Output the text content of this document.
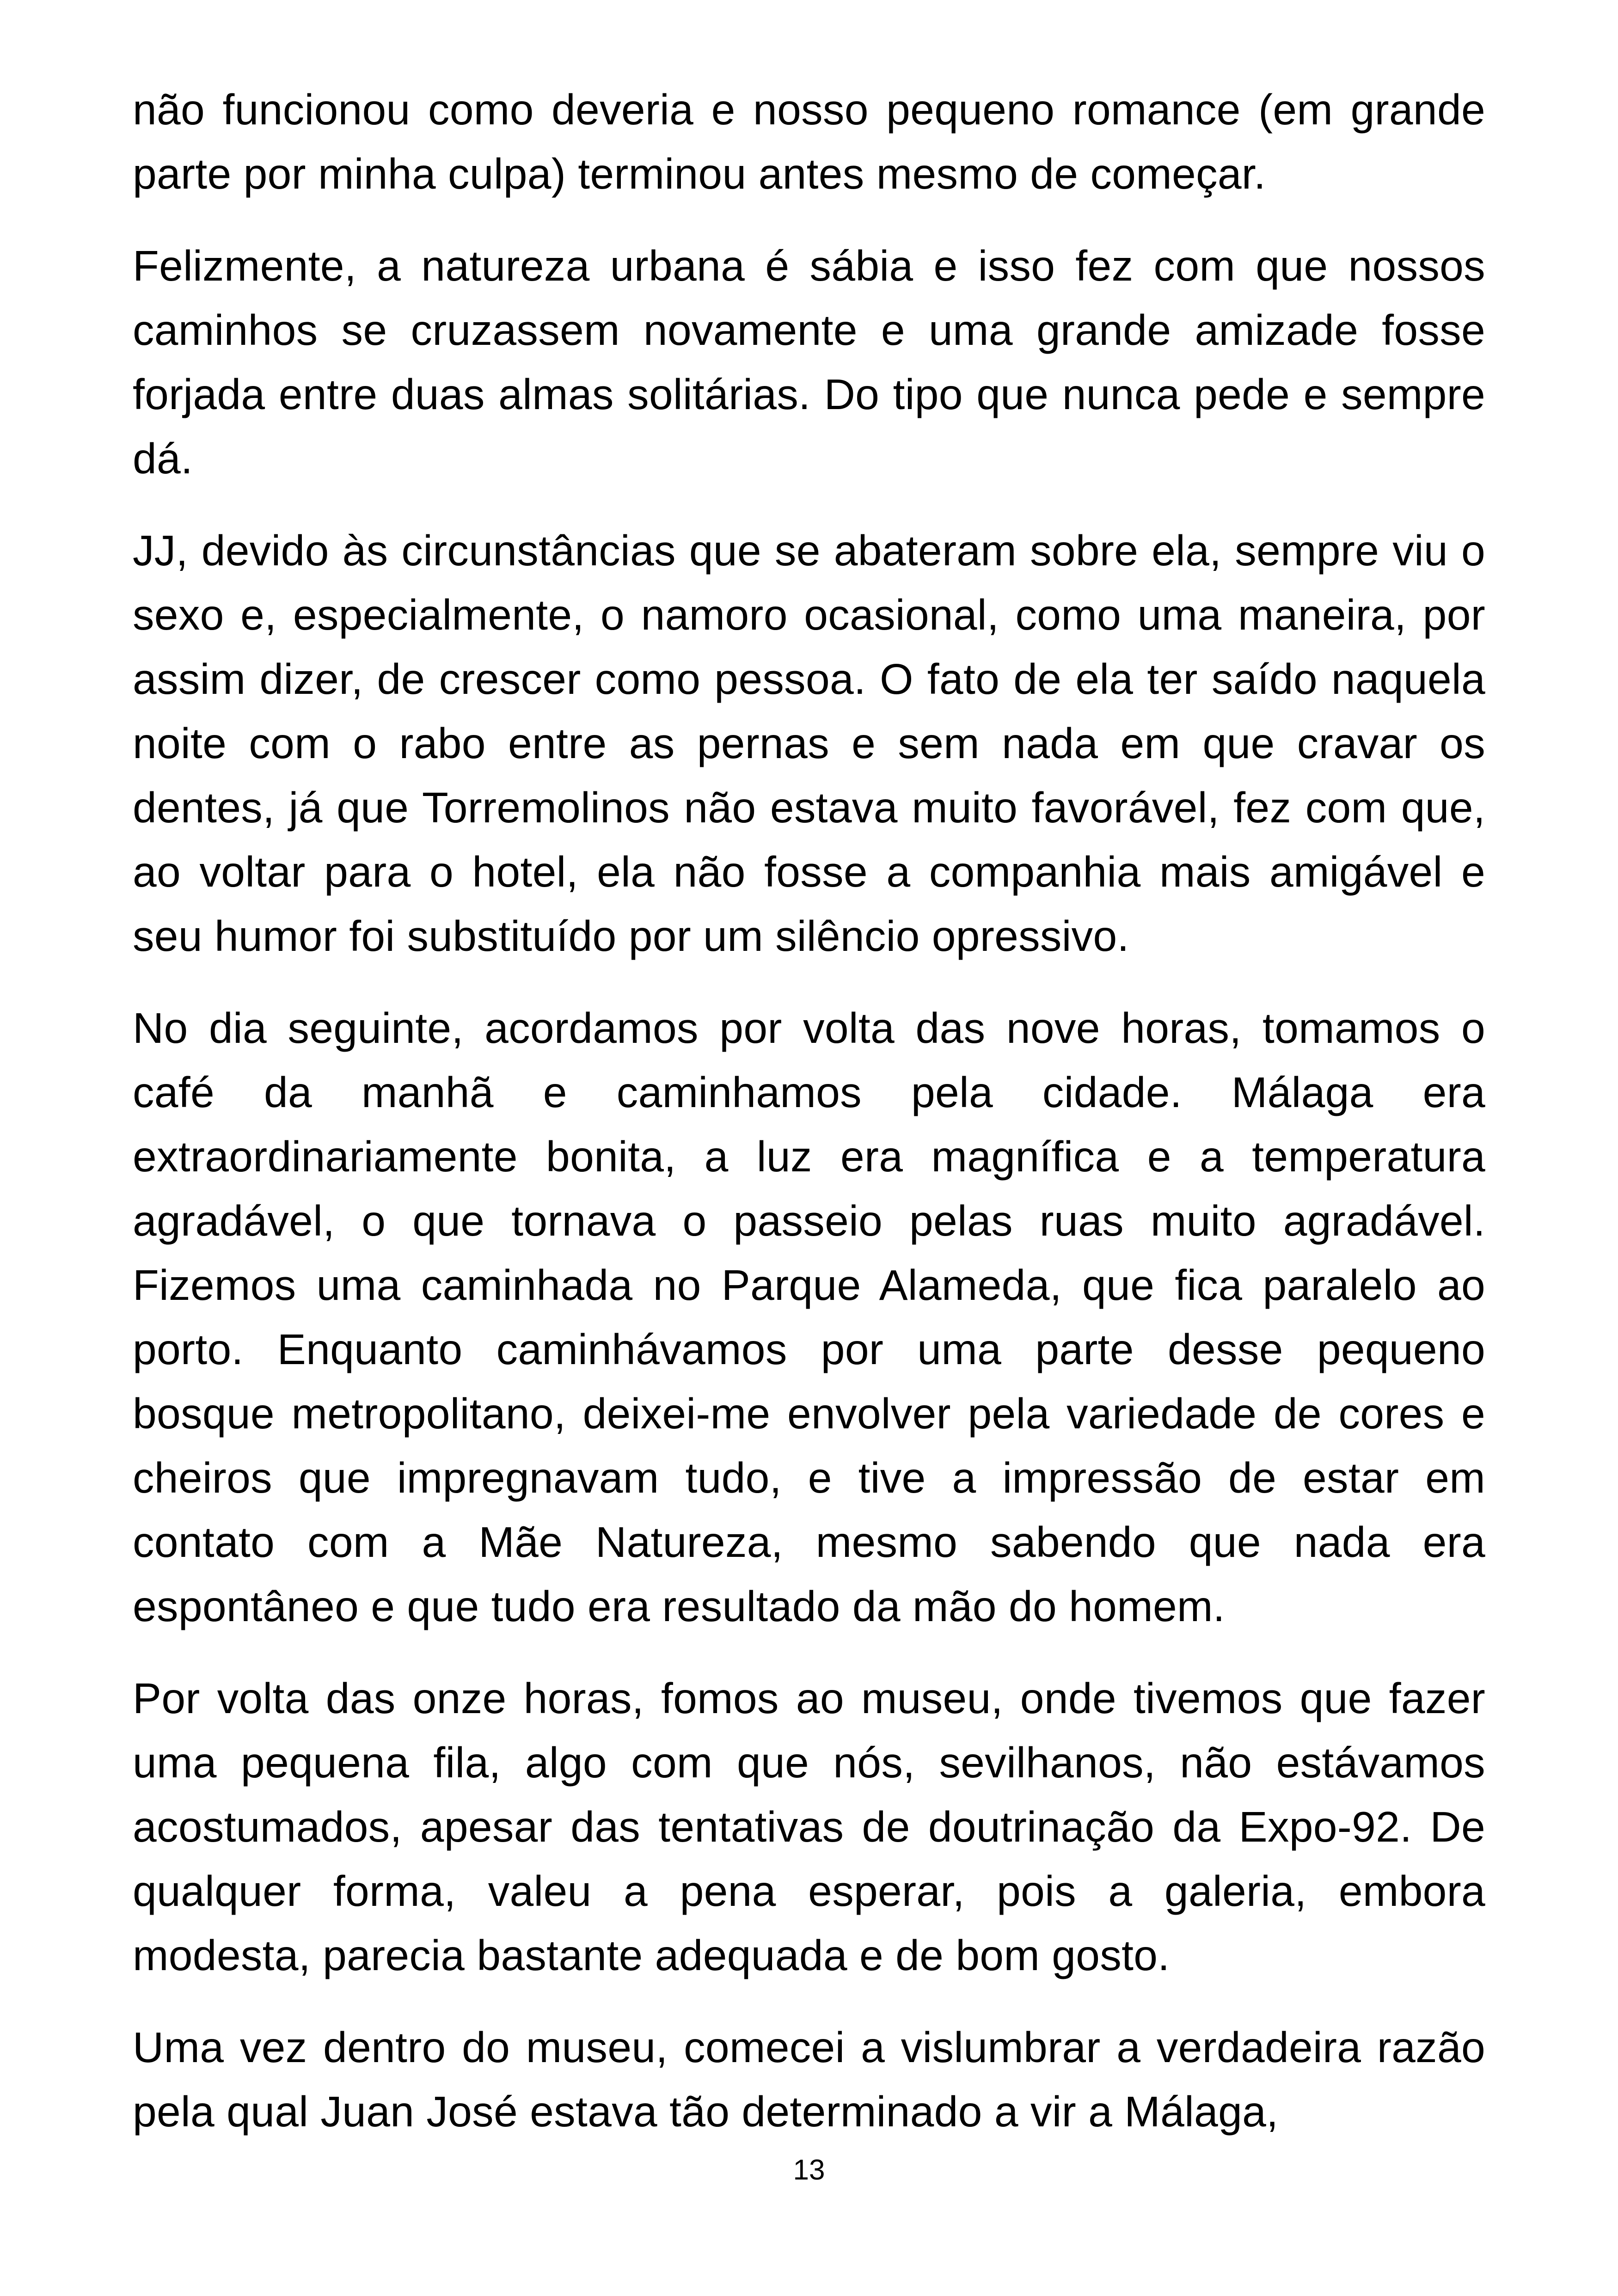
não funcionou como deveria e nosso pequeno romance (em grande parte por minha culpa) terminou antes mesmo de começar.

Felizmente, a natureza urbana é sábia e isso fez com que nossos caminhos se cruzassem novamente e uma grande amizade fosse forjada entre duas almas solitárias. Do tipo que nunca pede e sempre dá.

JJ, devido às circunstâncias que se abateram sobre ela, sempre viu o sexo e, especialmente, o namoro ocasional, como uma maneira, por assim dizer, de crescer como pessoa. O fato de ela ter saído naquela noite com o rabo entre as pernas e sem nada em que cravar os dentes, já que Torremolinos não estava muito favorável, fez com que, ao voltar para o hotel, ela não fosse a companhia mais amigável e seu humor foi substituído por um silêncio opressivo.

No dia seguinte, acordamos por volta das nove horas, tomamos o café da manhã e caminhamos pela cidade. Málaga era extraordinariamente bonita, a luz era magnífica e a temperatura agradável, o que tornava o passeio pelas ruas muito agradável. Fizemos uma caminhada no Parque Alameda, que fica paralelo ao porto. Enquanto caminhávamos por uma parte desse pequeno bosque metropolitano, deixei-me envolver pela variedade de cores e cheiros que impregnavam tudo, e tive a impressão de estar em contato com a Mãe Natureza, mesmo sabendo que nada era espontâneo e que tudo era resultado da mão do homem.

Por volta das onze horas, fomos ao museu, onde tivemos que fazer uma pequena fila, algo com que nós, sevilhanos, não estávamos acostumados, apesar das tentativas de doutrinação da Expo-92. De qualquer forma, valeu a pena esperar, pois a galeria, embora modesta, parecia bastante adequada e de bom gosto.

Uma vez dentro do museu, comecei a vislumbrar a verdadeira razão pela qual Juan José estava tão determinado a vir a Málaga,

13
